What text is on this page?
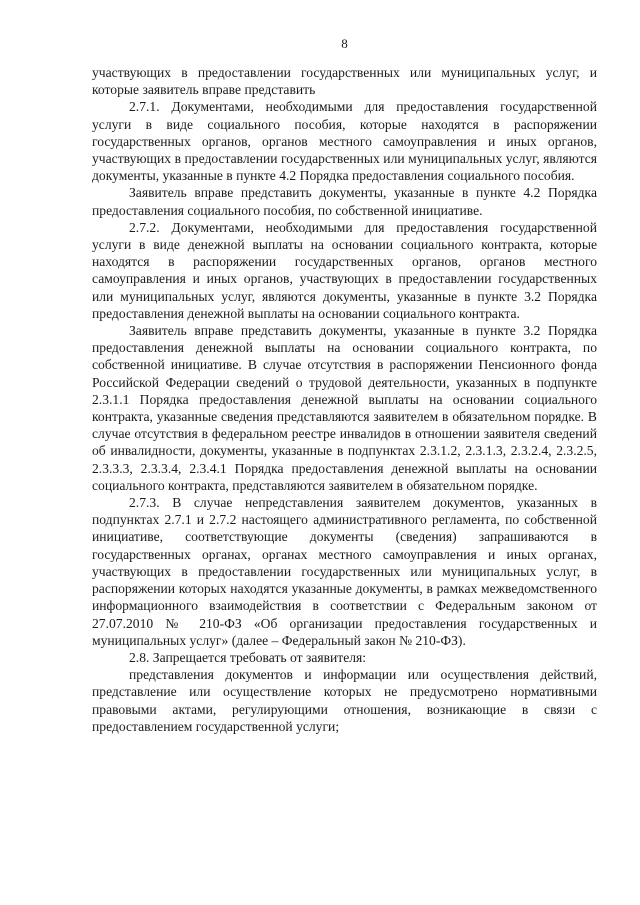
8

участвующих в предоставлении государственных или муниципальных услуг, и которые заявитель вправе представить

2.7.1. Документами, необходимыми для предоставления государственной услуги в виде социального пособия, которые находятся в распоряжении государственных органов, органов местного самоуправления и иных органов, участвующих в предоставлении государственных или муниципальных услуг, являются документы, указанные в пункте 4.2 Порядка предоставления социального пособия.

Заявитель вправе представить документы, указанные в пункте 4.2 Порядка предоставления социального пособия, по собственной инициативе.

2.7.2. Документами, необходимыми для предоставления государственной услуги в виде денежной выплаты на основании социального контракта, которые находятся в распоряжении государственных органов, органов местного самоуправления и иных органов, участвующих в предоставлении государственных или муниципальных услуг, являются документы, указанные в пункте 3.2 Порядка предоставления денежной выплаты на основании социального контракта.

Заявитель вправе представить документы, указанные в пункте 3.2 Порядка предоставления денежной выплаты на основании социального контракта, по собственной инициативе. В случае отсутствия в распоряжении Пенсионного фонда Российской Федерации сведений о трудовой деятельности, указанных в подпункте 2.3.1.1 Порядка предоставления денежной выплаты на основании социального контракта, указанные сведения представляются заявителем в обязательном порядке. В случае отсутствия в федеральном реестре инвалидов в отношении заявителя сведений об инвалидности, документы, указанные в подпунктах 2.3.1.2, 2.3.1.3, 2.3.2.4, 2.3.2.5, 2.3.3.3, 2.3.3.4, 2.3.4.1 Порядка предоставления денежной выплаты на основании социального контракта, представляются заявителем в обязательном порядке.

2.7.3. В случае непредставления заявителем документов, указанных в подпунктах 2.7.1 и 2.7.2 настоящего административного регламента, по собственной инициативе, соответствующие документы (сведения) запрашиваются в государственных органах, органах местного самоуправления и иных органах, участвующих в предоставлении государственных или муниципальных услуг, в распоряжении которых находятся указанные документы, в рамках межведомственного информационного взаимодействия в соответствии с Федеральным законом от 27.07.2010 № 210-ФЗ «Об организации предоставления государственных и муниципальных услуг» (далее – Федеральный закон № 210-ФЗ).

2.8. Запрещается требовать от заявителя:

представления документов и информации или осуществления действий, представление или осуществление которых не предусмотрено нормативными правовыми актами, регулирующими отношения, возникающие в связи с предоставлением государственной услуги;
